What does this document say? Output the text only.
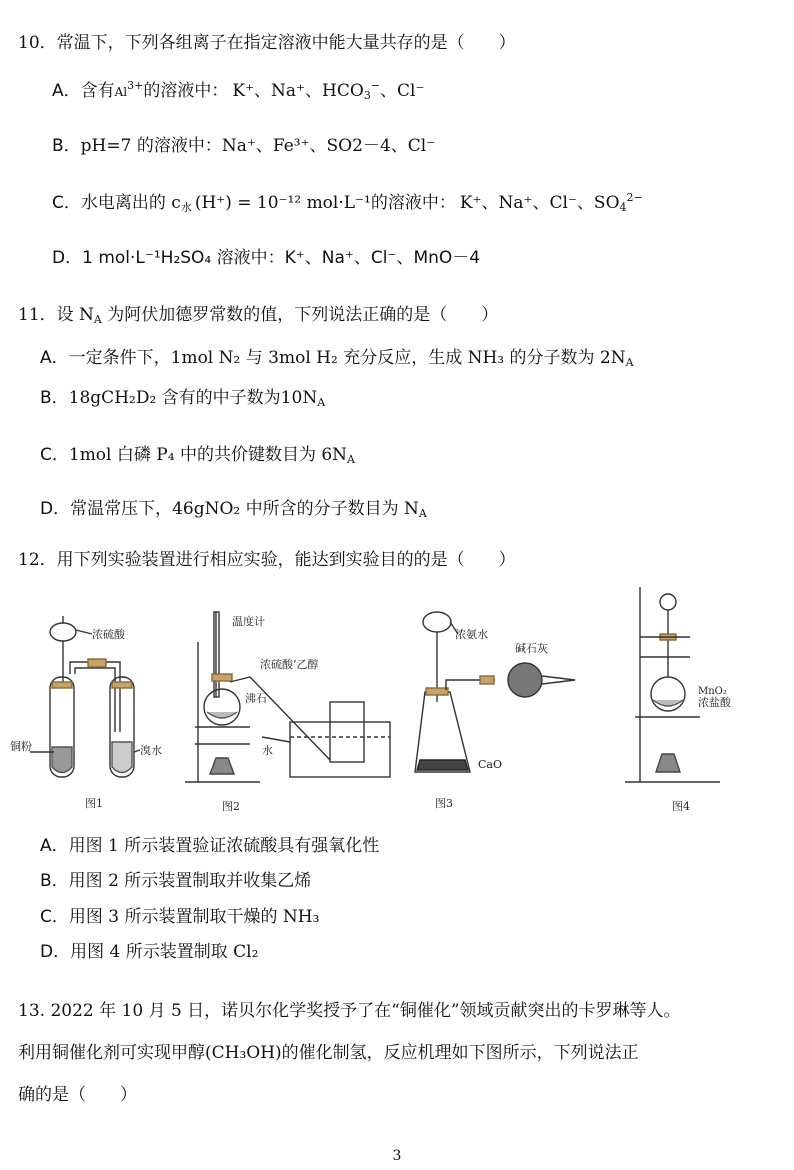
10．常温下，下列各组离子在指定溶液中能大量共存的是（　　）
A．含有$Al^{3+}$的溶液中： K⁺、Na⁺、$HCO_3^-$、Cl⁻
B．pH=7 的溶液中：Na⁺、Fe³⁺、SO2－4、Cl⁻
C．水电离出的 $c_水$ (H⁺) = 10⁻¹² mol·L⁻¹的溶液中： K⁺、Na⁺、Cl⁻、$SO_4^{2-}$
D．1 mol·L⁻¹H₂SO₄ 溶液中：K⁺、Na⁺、Cl⁻、MnO－4
11．设 $N_A$ 为阿伏加德罗常数的值，下列说法正确的是（　　）
A．一定条件下，1mol N₂ 与 3mol H₂ 充分反应，生成 NH₃ 的分子数为 $2N_A$
B．18gCH₂D₂ 含有的中子数为$10N_A$
C．1mol 白磷 P₄ 中的共价键数目为 $6N_A$
D．常温常压下，46gNO₂ 中所含的分子数目为 $N_A$
12．用下列实验装置进行相应实验，能达到实验目的的是（　　）
浓硫酸
铜粉	溴水
图1
温度计
浓硫酸’乙醇
沸石
水
图2
浓氨水
碱石灰
CaO
图3
MnO₂
浓盐酸
图4
A．用图 1 所示装置验证浓硫酸具有强氧化性
B．用图 2 所示装置制取并收集乙烯
C．用图 3 所示装置制取干燥的 NH₃
D．用图 4 所示装置制取 Cl₂
13. 2022 年 10 月 5 日，诺贝尔化学奖授予了在“铜催化”领域贡献突出的卡罗琳等人。
利用铜催化剂可实现甲醇(CH₃OH)的催化制氢，反应机理如下图所示，下列说法正
确的是（　　）
3
